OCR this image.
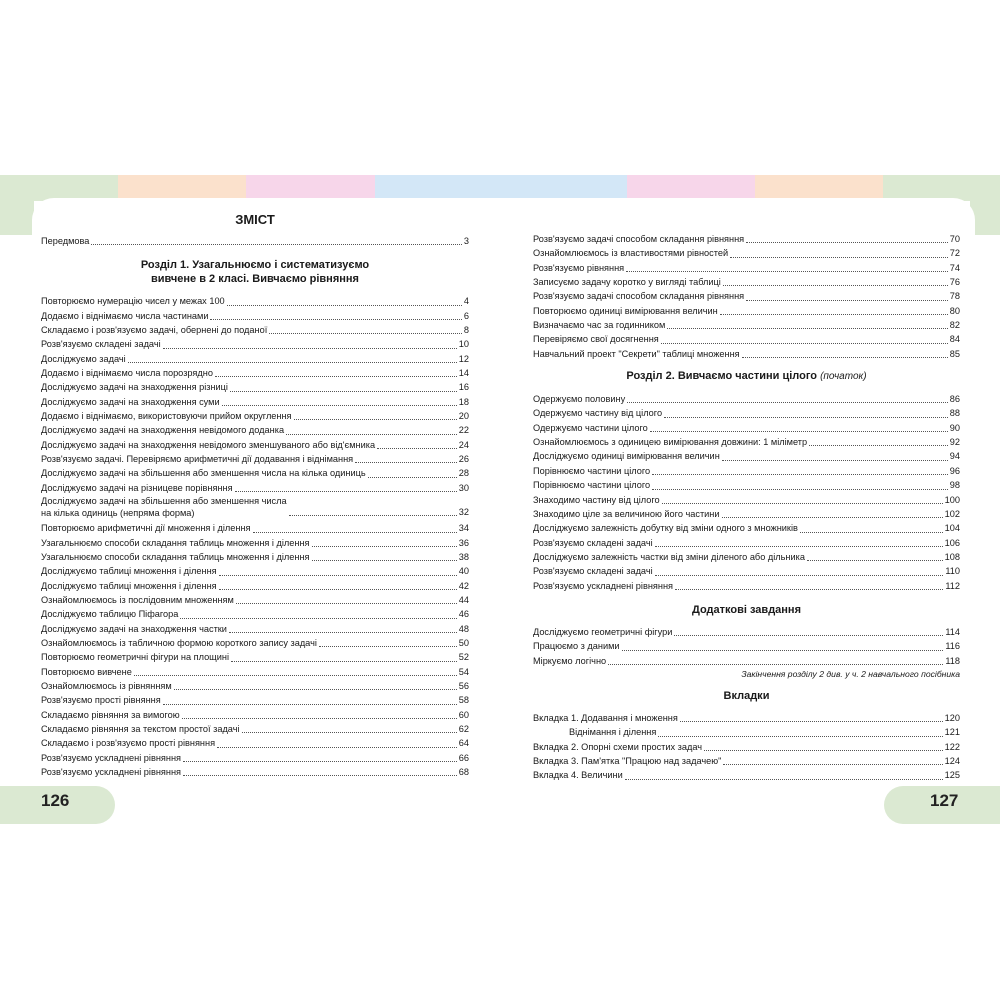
126	127
ЗМІСТ
Передмова	3
Розділ 1. Узагальнюємо і систематизуємо
вивчене в 2 класі. Вивчаємо рівняння
Повторюємо нумерацію чисел у межах 100	4
Додаємо і віднімаємо числа частинами	6
Складаємо і розв'язуємо задачі, обернені до поданої	8
Розв'язуємо складені задачі	10
Досліджуємо задачі	12
Додаємо і віднімаємо числа порозрядно	14
Досліджуємо задачі на знаходження різниці	16
Досліджуємо задачі на знаходження суми	18
Додаємо і віднімаємо, використовуючи прийом округлення	20
Досліджуємо задачі на знаходження невідомого доданка	22
Досліджуємо задачі на знаходження невідомого зменшуваного або від'ємника	24
Розв'язуємо задачі. Перевіряємо арифметичні дії додавання і віднімання	26
Досліджуємо задачі на збільшення або зменшення числа на кілька одиниць	28
Досліджуємо задачі на різницеве порівняння	30
Досліджуємо задачі на збільшення або зменшення числа
на кілька одиниць (непряма форма)	32
Повторюємо арифметичні дії множення і ділення	34
Узагальнюємо способи складання таблиць множення і ділення	36
Узагальнюємо способи складання таблиць множення і ділення	38
Досліджуємо таблиці множення і ділення	40
Досліджуємо таблиці множення і ділення	42
Ознайомлюємось із послідовним множенням	44
Досліджуємо таблицю Піфагора	46
Досліджуємо задачі на знаходження частки	48
Ознайомлюємось із табличною формою короткого запису задачі	50
Повторюємо геометричні фігури на площині	52
Повторюємо вивчене	54
Ознайомлюємось із рівнянням	56
Розв'язуємо прості рівняння	58
Складаємо рівняння за вимогою	60
Складаємо рівняння за текстом простої задачі	62
Складаємо і розв'язуємо прості рівняння	64
Розв'язуємо ускладнені рівняння	66
Розв'язуємо ускладнені рівняння	68
Розв'язуємо задачі способом складання рівняння	70
Ознайомлюємось із властивостями рівностей	72
Розв'язуємо рівняння	74
Записуємо задачу коротко у вигляді таблиці	76
Розв'язуємо задачі способом складання рівняння	78
Повторюємо одиниці вимірювання величин	80
Визначаємо час за годинником	82
Перевіряємо свої досягнення	84
Навчальний проект "Секрети" таблиці множення	85
Розділ 2. Вивчаємо частини цілого (початок)
Одержуємо половину	86
Одержуємо частину від цілого	88
Одержуємо частини цілого	90
Ознайомлюємось з одиницею вимірювання довжини: 1 міліметр	92
Досліджуємо одиниці вимірювання величин	94
Порівнюємо частини цілого	96
Порівнюємо частини цілого	98
Знаходимо частину від цілого	100
Знаходимо ціле за величиною його частини	102
Досліджуємо залежність добутку від зміни одного з множників	104
Розв'язуємо складені задачі	106
Досліджуємо залежність частки від зміни діленого або дільника	108
Розв'язуємо складені задачі	110
Розв'язуємо ускладнені рівняння	112
Додаткові завдання
Досліджуємо геометричні фігури	114
Працюємо з даними	116
Міркуємо логічно	118
Закінчення розділу 2 див. у ч. 2 навчального посібника
Вкладки
Вкладка 1. Додавання і множення	120
Віднімання і ділення	121
Вкладка 2. Опорні схеми простих задач	122
Вкладка 3. Пам'ятка "Працюю над задачею"	124
Вкладка 4. Величини	125
